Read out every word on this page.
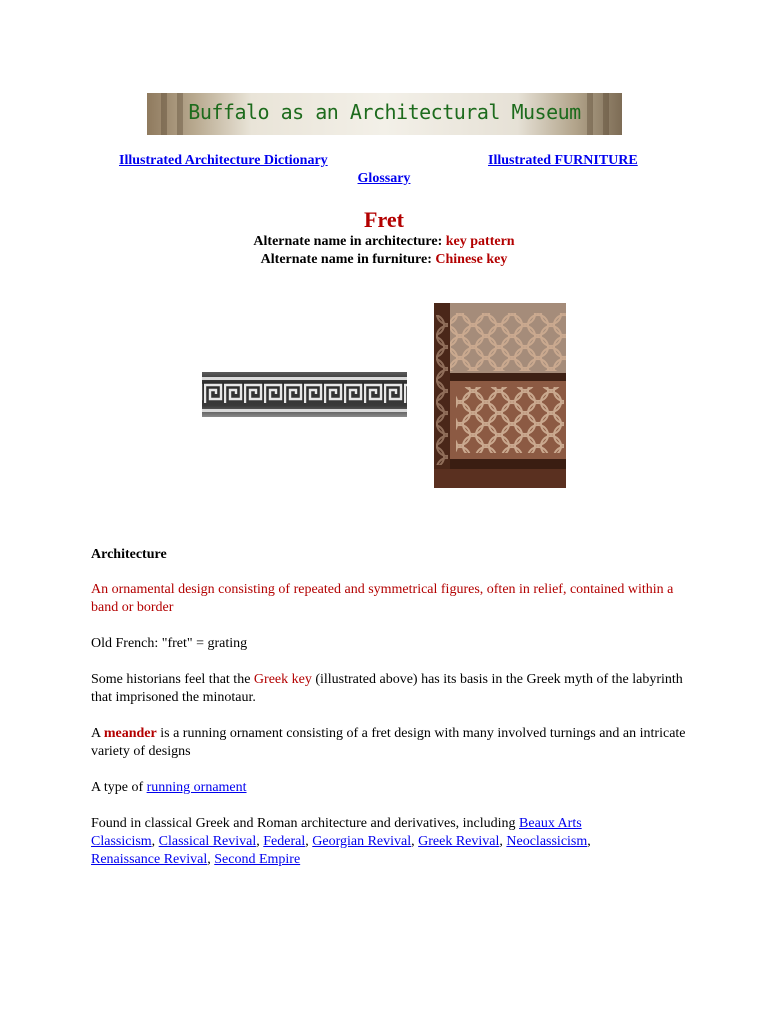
Buffalo as an Architectural Museum
Illustrated Architecture Dictionary	Illustrated FURNITURE
Glossary
Fret
Alternate name in architecture: key pattern
Alternate name in furniture: Chinese key
Architecture
An ornamental design consisting of repeated and symmetrical figures, often in relief, contained within a band or border
Old French: "fret" = grating
Some historians feel that the Greek key (illustrated above) has its basis in the Greek myth of the labyrinth that imprisoned the minotaur.
A meander is a running ornament consisting of a fret design with many involved turnings and an intricate variety of designs
A type of running ornament
Found in classical Greek and Roman architecture and derivatives, including Beaux Arts Classicism, Classical Revival, Federal, Georgian Revival, Greek Revival, Neoclassicism, Renaissance Revival, Second Empire
